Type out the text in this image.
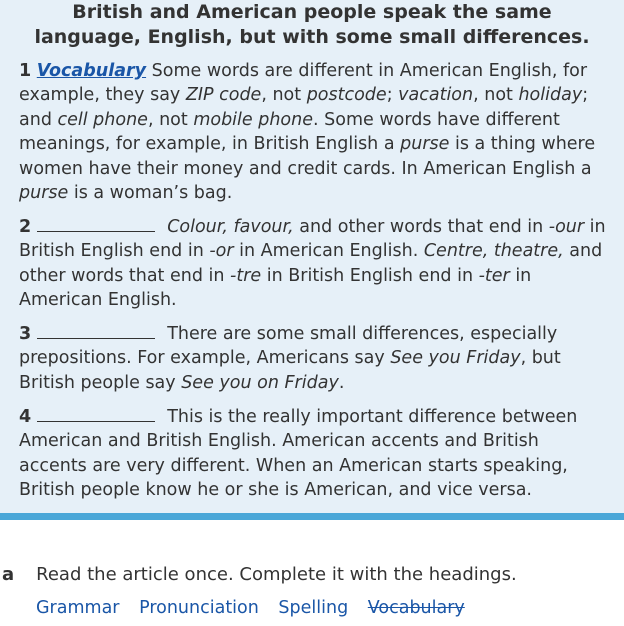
British and American people speak the same
language, English, but with some small differences.
1 Vocabulary Some words are different in American English, for example, they say ZIP code, not postcode; vacation, not holiday; and cell phone, not mobile phone. Some words have different meanings, for example, in British English a purse is a thing where women have their money and credit cards. In American English a purse is a woman’s bag.
2	Colour, favour, and other words that end in -our in British English end in -or in American English. Centre, theatre, and other words that end in -tre in British English end in -ter in American English.
3	There are some small differences, especially prepositions. For example, Americans say See you Friday, but British people say See you on Friday.
4	This is the really important difference between American and British English. American accents and British accents are very different. When an American starts speaking, British people know he or she is American, and vice versa.
a Read the article once. Complete it with the headings.
Grammar Pronunciation Spelling Vocabulary
